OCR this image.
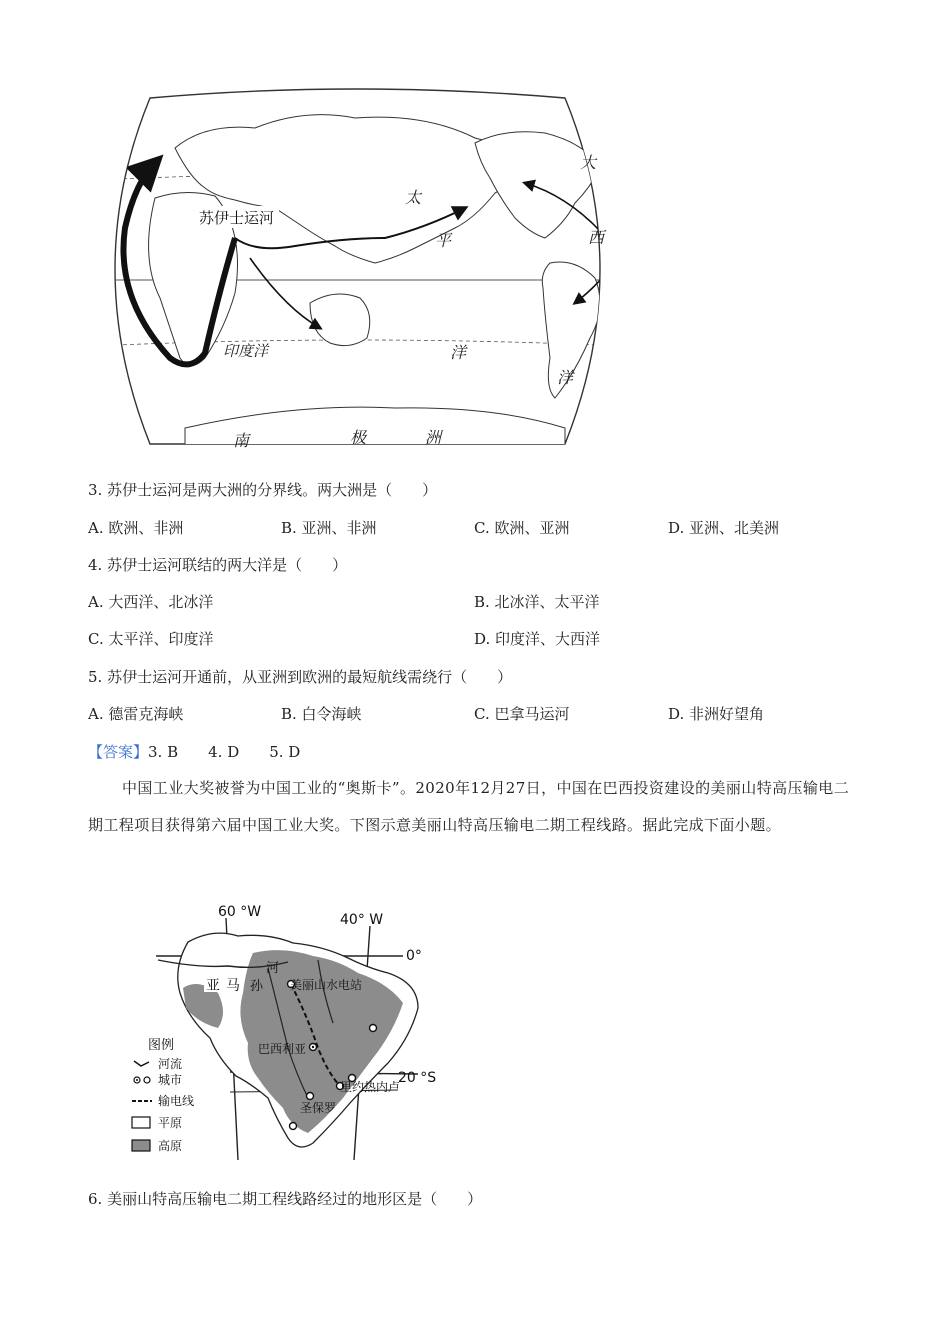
苏伊士运河
印度洋
太
平
洋
大
西
洋
南	极	洲
3. 苏伊士运河是两大洲的分界线。两大洲是（　　）
A. 欧洲、非洲	B. 亚洲、非洲	C. 欧洲、亚洲	D. 亚洲、北美洲
4. 苏伊士运河联结的两大洋是（　　）
A. 大西洋、北冰洋	B. 北冰洋、太平洋
C. 太平洋、印度洋	D. 印度洋、大西洋
5. 苏伊士运河开通前，从亚洲到欧洲的最短航线需绕行（　　）
A. 德雷克海峡	B. 白令海峡	C. 巴拿马运河	D. 非洲好望角
【答案】3. B　　4. D　　5. D
中国工业大奖被誉为中国工业的“奥斯卡”。2020年12月27日，中国在巴西投资建设的美丽山特高压输电二期工程项目获得第六届中国工业大奖。下图示意美丽山特高压输电二期工程线路。据此完成下面小题。
60 °W	40° W
0°
20 °S
亚 马 孙
河
美丽山水电站
巴西利亚
里约热内卢
圣保罗
图例
河流
城市
输电线
平原
高原
6. 美丽山特高压输电二期工程线路经过的地形区是（　　）
